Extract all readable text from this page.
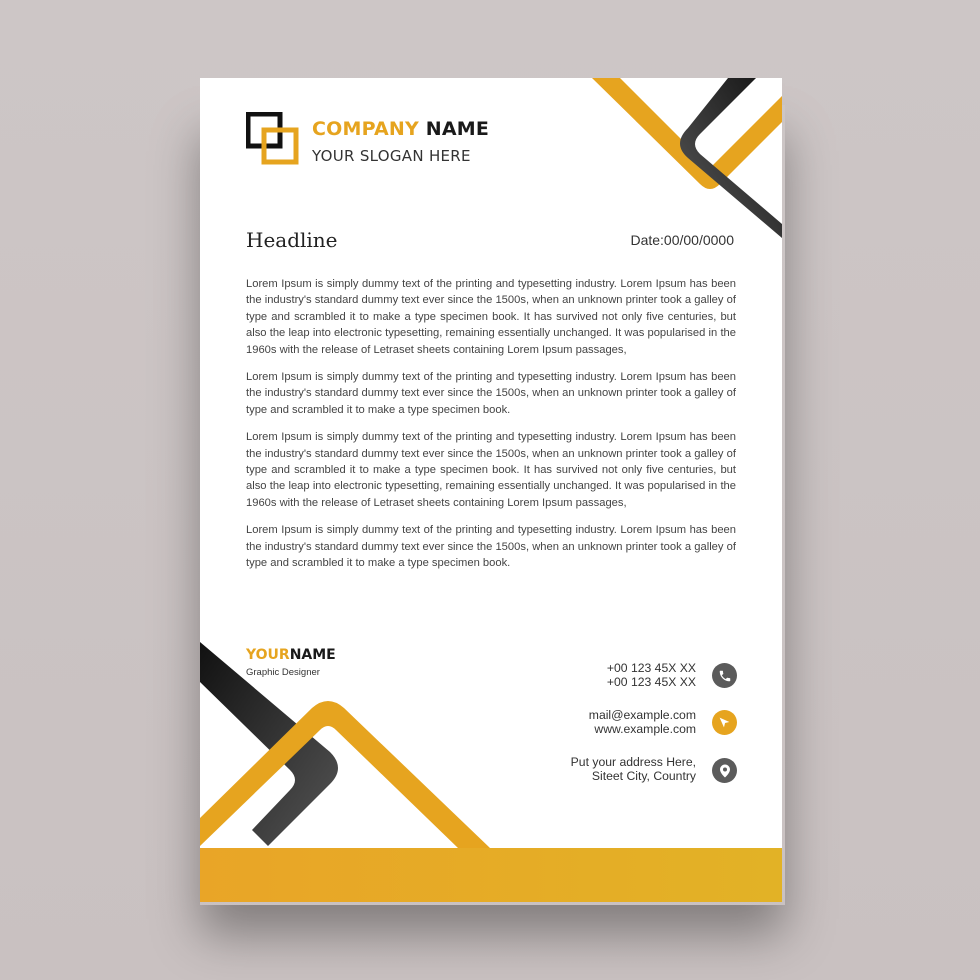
COMPANY NAME
YOUR SLOGAN HERE
Headline	Date:00/00/0000

Lorem Ipsum is simply dummy text of the printing and typesetting industry. Lorem Ipsum has been the industry's standard dummy text ever since the 1500s, when an unknown printer took a galley of type and scrambled it to make a type specimen book. It has survived not only five centuries, but also the leap into electronic typesetting, remaining essentially unchanged. It was popularised in the 1960s with the release of Letraset sheets containing Lorem Ipsum passages,

Lorem Ipsum is simply dummy text of the printing and typesetting industry. Lorem Ipsum has been the industry's standard dummy text ever since the 1500s, when an unknown printer took a galley of type and scrambled it to make a type specimen book.

Lorem Ipsum is simply dummy text of the printing and typesetting industry. Lorem Ipsum has been the industry's standard dummy text ever since the 1500s, when an unknown printer took a galley of type and scrambled it to make a type specimen book. It has survived not only five centuries, but also the leap into electronic typesetting, remaining essentially unchanged. It was popularised in the 1960s with the release of Letraset sheets containing Lorem Ipsum passages,

Lorem Ipsum is simply dummy text of the printing and typesetting industry. Lorem Ipsum has been the industry's standard dummy text ever since the 1500s, when an unknown printer took a galley of type and scrambled it to make a type specimen book.

YOURNAME
Graphic Designer	+00 123 45X XX
+00 123 45X XX
mail@example.com
www.example.com
Put your address Here,
Siteet City, Country
